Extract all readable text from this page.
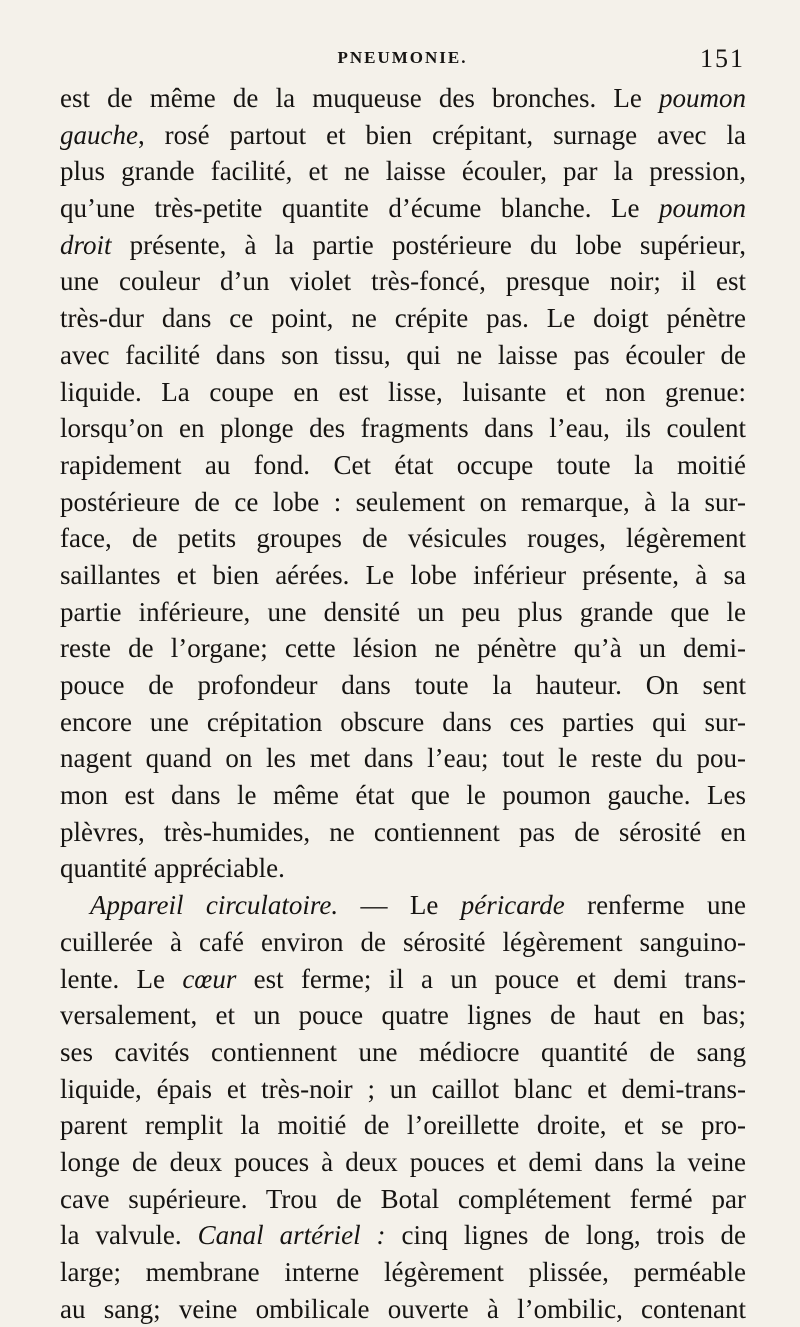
PNEUMONIE.	151
est de même de la muqueuse des bronches. Le poumon
gauche, rosé partout et bien crépitant, surnage avec la
plus grande facilité, et ne laisse écouler, par la pression,
qu’une très-petite quantite d’écume blanche. Le poumon
droit présente, à la partie postérieure du lobe supérieur,
une couleur d’un violet très-foncé, presque noir; il est
très-dur dans ce point, ne crépite pas. Le doigt pénètre
avec facilité dans son tissu, qui ne laisse pas écouler de
liquide. La coupe en est lisse, luisante et non grenue:
lorsqu’on en plonge des fragments dans l’eau, ils coulent
rapidement au fond. Cet état occupe toute la moitié
postérieure de ce lobe : seulement on remarque, à la sur-
face, de petits groupes de vésicules rouges, légèrement
saillantes et bien aérées. Le lobe inférieur présente, à sa
partie inférieure, une densité un peu plus grande que le
reste de l’organe; cette lésion ne pénètre qu’à un demi-
pouce de profondeur dans toute la hauteur. On sent
encore une crépitation obscure dans ces parties qui sur-
nagent quand on les met dans l’eau; tout le reste du pou-
mon est dans le même état que le poumon gauche. Les
plèvres, très-humides, ne contiennent pas de sérosité en
quantité appréciable.
Appareil circulatoire. — Le péricarde renferme une
cuillerée à café environ de sérosité légèrement sanguino-
lente. Le cœur est ferme; il a un pouce et demi trans-
versalement, et un pouce quatre lignes de haut en bas;
ses cavités contiennent une médiocre quantité de sang
liquide, épais et très-noir ; un caillot blanc et demi-trans-
parent remplit la moitié de l’oreillette droite, et se pro-
longe de deux pouces à deux pouces et demi dans la veine
cave supérieure. Trou de Botal complétement fermé par
la valvule. Canal artériel : cinq lignes de long, trois de
large; membrane interne légèrement plissée, perméable
au sang; veine ombilicale ouverte à l’ombilic, contenant
